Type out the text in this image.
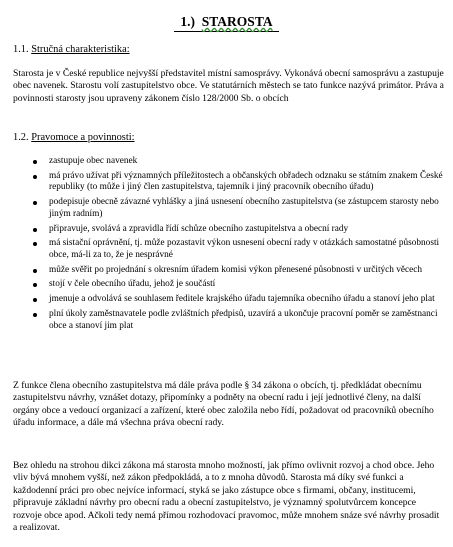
1.) STAROSTA
1.1. Stručná charakteristika:
Starosta je v České republice nejvyšší představitel místní samosprávy. Vykonává obecní samosprávu a zastupuje obec navenek. Starostu volí zastupitelstvo obce. Ve statutárních městech se tato funkce nazývá primátor. Práva a povinnosti starosty jsou upraveny zákonem číslo 128/2000 Sb. o obcích
1.2. Pravomoce a povinnosti:
zastupuje obec navenek
má právo užívat při významných příležitostech a občanských obřadech odznaku se státním znakem České republiky (to může i jiný člen zastupitelstva, tajemník i jiný pracovník obecního úřadu)
podepisuje obecně závazné vyhlášky a jiná usnesení obecního zastupitelstva (se zástupcem starosty nebo jiným radním)
připravuje, svolává a zpravidla řídí schůze obecního zastupitelstva a obecní rady
má sistační oprávnění, tj. může pozastavit výkon usnesení obecní rady v otázkách samostatné působnosti obce, má-li za to, že je nesprávné
může svěřit po projednání s okresním úřadem komisi výkon přenesené působnosti v určitých věcech
stojí v čele obecního úřadu, jehož je součástí
jmenuje a odvolává se souhlasem ředitele krajského úřadu tajemníka obecního úřadu a stanoví jeho plat
plní úkoly zaměstnavatele podle zvláštních předpisů, uzavírá a ukončuje pracovní poměr se zaměstnanci obce a stanoví jim plat
Z funkce člena obecního zastupitelstva má dále práva podle § 34 zákona o obcích, tj. předkládat obecnímu zastupitelstvu návrhy, vznášet dotazy, připomínky a podněty na obecní radu i její jednotlivé členy, na další orgány obce a vedoucí organizací a zařízení, které obec založila nebo řídí, požadovat od pracovníků obecního úřadu informace, a dále má všechna práva obecní rady.
Bez ohledu na strohou dikci zákona má starosta mnoho možností, jak přímo ovlivnit rozvoj a chod obce. Jeho vliv bývá mnohem vyšší, než zákon předpokládá, a to z mnoha důvodů. Starosta má díky své funkci a každodenní práci pro obec nejvíce informací, styká se jako zástupce obce s firmami, občany, institucemi, připravuje základní návrhy pro obecní radu a obecní zastupitelstvo, je významný spolutvůrcem koncepce rozvoje obce apod. Ačkoli tedy nemá přímou rozhodovací pravomoc, může mnohem snáze své návrhy prosadit a realizovat.
